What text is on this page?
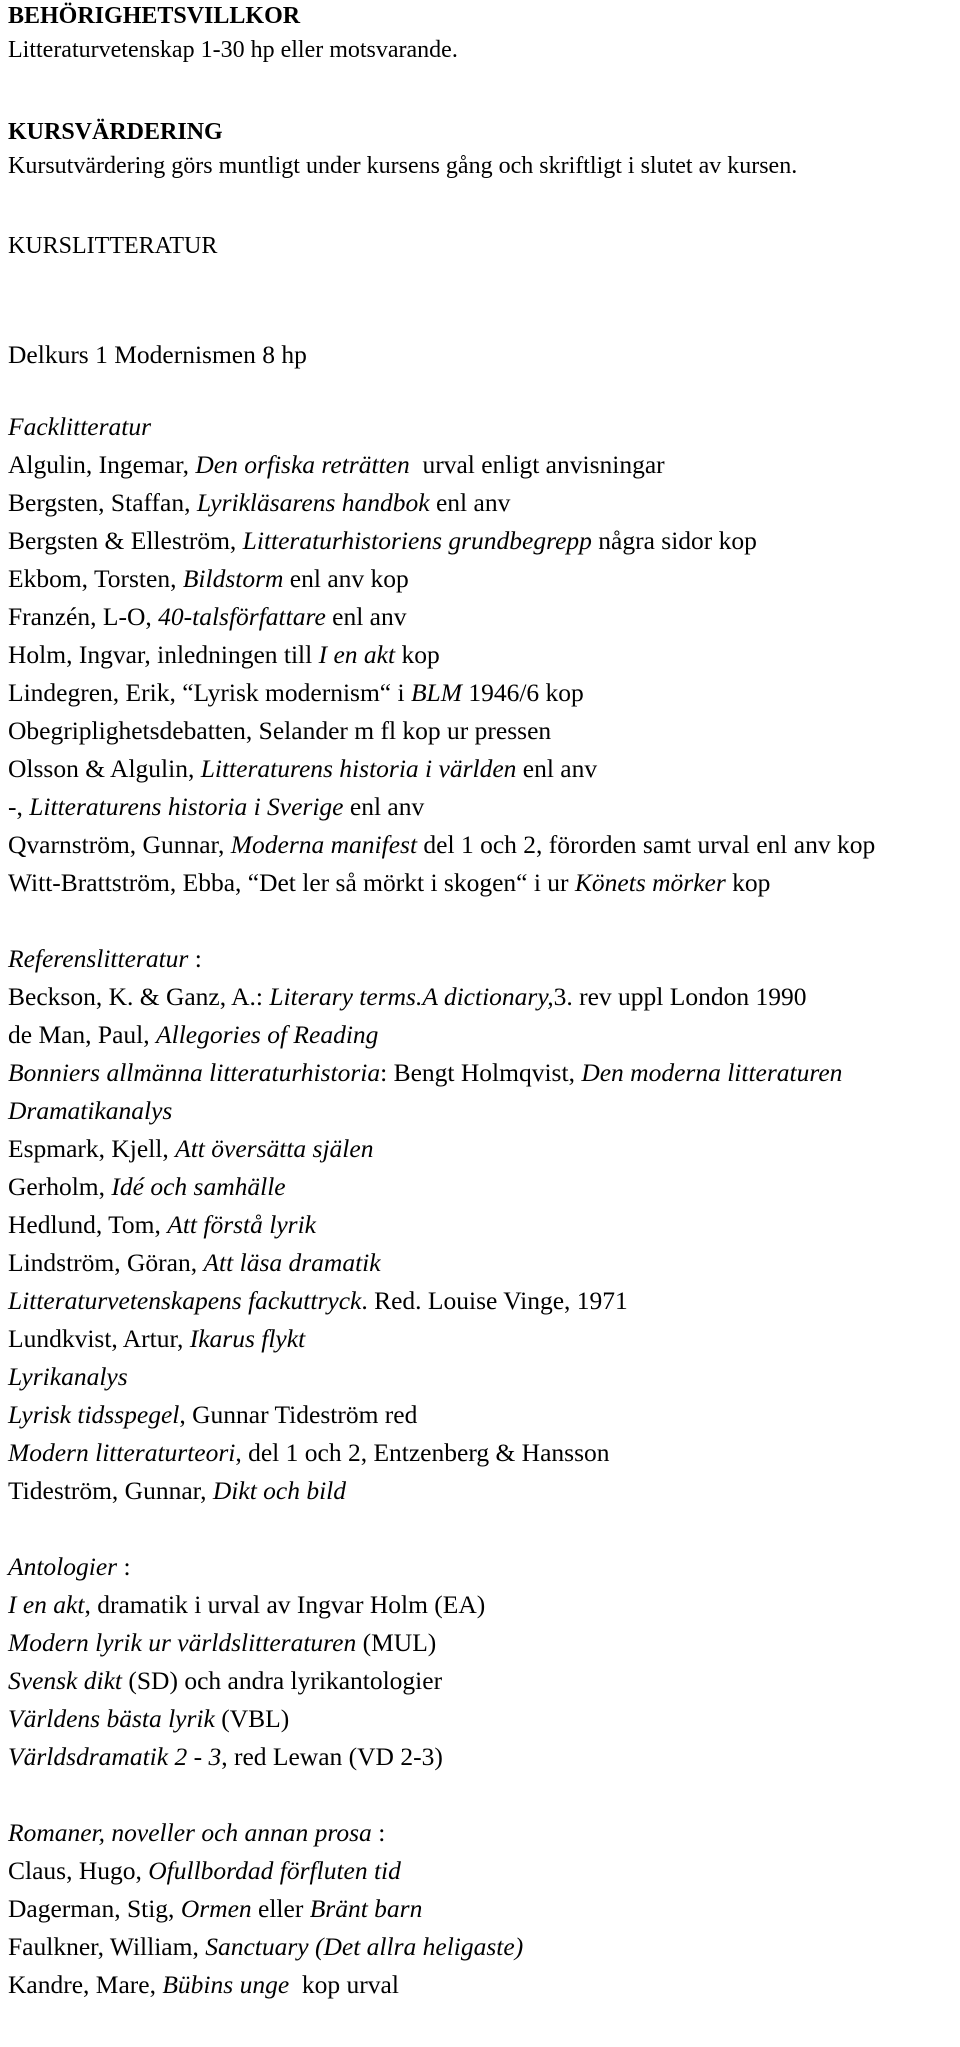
BEHÖRIGHETSVILLKOR
Litteraturvetenskap 1-30 hp eller motsvarande.
KURSVÄRDERING
Kursutvärdering görs muntligt under kursens gång och skriftligt i slutet av kursen.
KURSLITTERATUR
Delkurs 1 Modernismen 8 hp
Facklitteratur
Algulin, Ingemar, Den orfiska reträtten  urval enligt anvisningar
Bergsten, Staffan, Lyrikläsarens handbok enl anv
Bergsten & Elleström, Litteraturhistoriens grundbegrepp några sidor kop
Ekbom, Torsten, Bildstorm enl anv kop
Franzén, L-O, 40-talsförfattare enl anv
Holm, Ingvar, inledningen till I en akt kop
Lindegren, Erik, “Lyrisk modernism“ i BLM 1946/6 kop
Obegriplighetsdebatten, Selander m fl kop ur pressen
Olsson & Algulin, Litteraturens historia i världen enl anv
-, Litteraturens historia i Sverige enl anv
Qvarnström, Gunnar, Moderna manifest del 1 och 2, förorden samt urval enl anv kop
Witt-Brattström, Ebba, “Det ler så mörkt i skogen“ i ur Könets mörker kop
Referenslitteratur :
Beckson, K. & Ganz, A.: Literary terms.A dictionary,3. rev uppl London 1990
de Man, Paul, Allegories of Reading
Bonniers allmänna litteraturhistoria: Bengt Holmqvist, Den moderna litteraturen
Dramatikanalys
Espmark, Kjell, Att översätta själen
Gerholm, Idé och samhälle
Hedlund, Tom, Att förstå lyrik
Lindström, Göran, Att läsa dramatik
Litteraturvetenskapens fackuttryck. Red. Louise Vinge, 1971
Lundkvist, Artur, Ikarus flykt
Lyrikanalys
Lyrisk tidsspegel, Gunnar Tideström red
Modern litteraturteori, del 1 och 2, Entzenberg & Hansson
Tideström, Gunnar, Dikt och bild
Antologier :
I en akt, dramatik i urval av Ingvar Holm (EA)
Modern lyrik ur världslitteraturen (MUL)
Svensk dikt (SD) och andra lyrikantologier
Världens bästa lyrik (VBL)
Världsdramatik 2 - 3, red Lewan (VD 2-3)
Romaner, noveller och annan prosa :
Claus, Hugo, Ofullbordad förfluten tid
Dagerman, Stig, Ormen eller Bränt barn
Faulkner, William, Sanctuary (Det allra heligaste)
Kandre, Mare, Bübins unge  kop urval
